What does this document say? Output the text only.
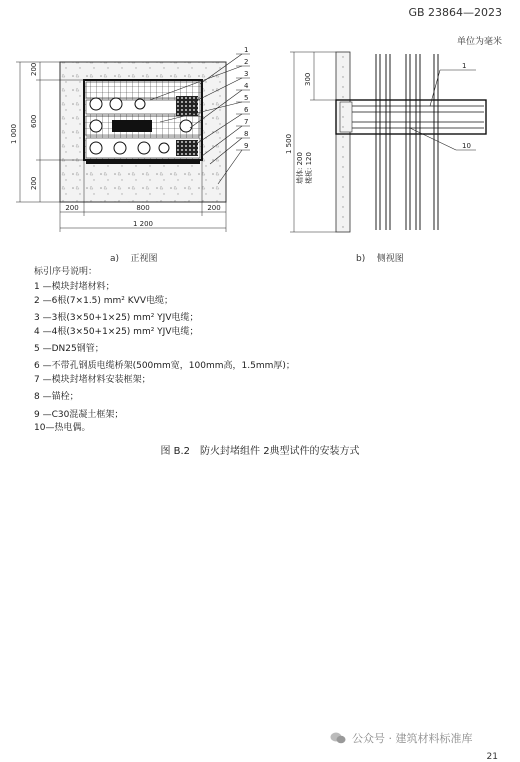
GB 23864—2023
单位为毫米
1
2
3
4
5
6
7
8
9
200
600
200
1 000
200	800	200
1 200
1
10
300
1 500
墙体: 200 楼板: 120
a) 正视图	b) 侧视图
标引序号说明：
1 —模块封堵材料；
2 —6根(7×1.5) mm² KVV电缆；
3 —3根(3×50+1×25) mm² YJV电缆；
4 —4根(3×50+1×25) mm² YJV电缆；
5 —DN25钢管；
6 —不带孔钢质电缆桥架(500mm宽，100mm高，1.5mm厚)；
7 —模块封堵材料安装框架；
8 —锚栓；
9 —C30混凝土框架；
10—热电偶。
图 B.2　防火封堵组件 2典型试件的安装方式
公众号 · 建筑材料标准库
21
